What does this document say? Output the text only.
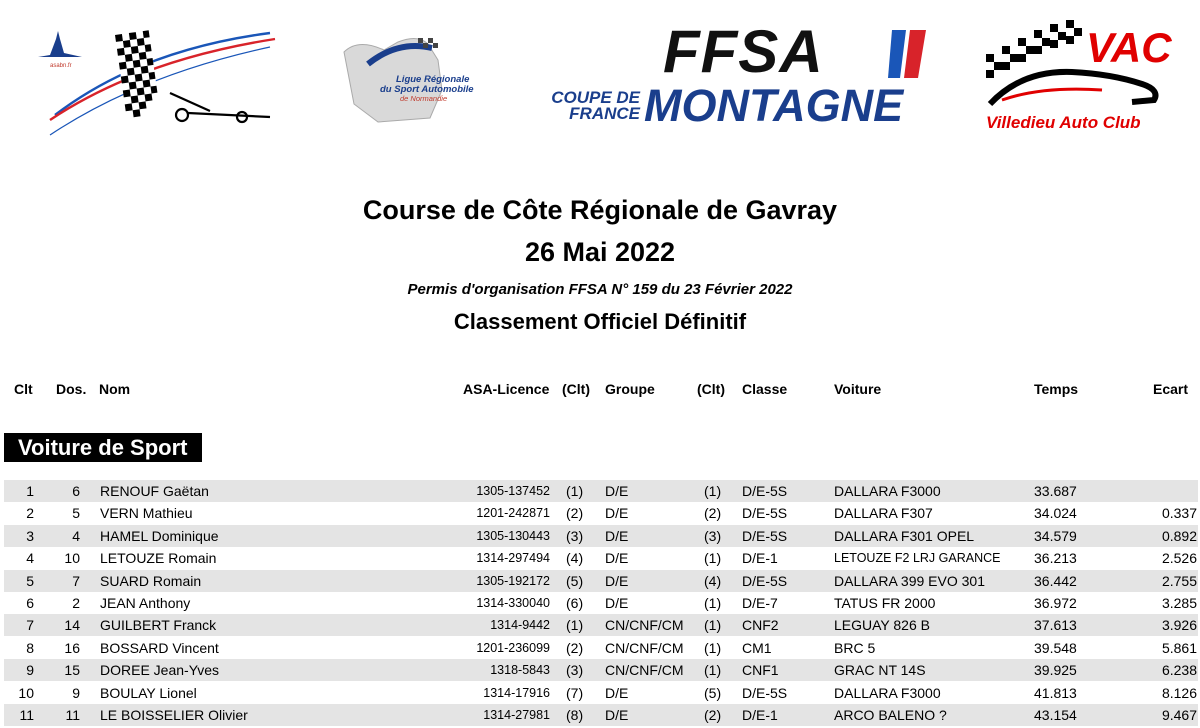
asabn.fr
Ligue Régionale
du Sport Automobile
de Normandie
FFSA
COUPE DE
FRANCE MONTAGNE
VAC
Villedieu Auto Club
Course de Côte Régionale de Gavray
26 Mai 2022
Permis d'organisation FFSA N° 159 du 23 Février 2022
Classement Officiel Définitif
Clt Dos. Nom	ASA-Licence (Clt) Groupe	(Clt) Classe	Voiture	Temps	Ecart
Voiture de Sport
1	6 RENOUF Gaëtan	1305-137452 (1) D/E	(1) D/E-5S	DALLARA F3000	33.687
2	5 VERN Mathieu	1201-242871 (2) D/E	(2) D/E-5S	DALLARA F307	34.024	0.337
3	4 HAMEL Dominique	1305-130443 (3) D/E	(3) D/E-5S	DALLARA F301 OPEL	34.579	0.892
4	10 LETOUZE Romain	1314-297494 (4) D/E	(1) D/E-1	LETOUZE F2 LRJ GARANCE 36.213	2.526
5	7 SUARD Romain	1305-192172 (5) D/E	(4) D/E-5S	DALLARA 399 EVO 301	36.442	2.755
6	2 JEAN Anthony	1314-330040 (6) D/E	(1) D/E-7	TATUS FR 2000	36.972	3.285
7	14 GUILBERT Franck	1314-9442 (1) CN/CNF/CM (1) CNF2	LEGUAY 826 B	37.613	3.926
8	16 BOSSARD Vincent	1201-236099 (2) CN/CNF/CM (1) CM1	BRC 5	39.548	5.861
9	15 DOREE Jean-Yves	1318-5843 (3) CN/CNF/CM (1) CNF1	GRAC NT 14S	39.925	6.238
10	9 BOULAY Lionel	1314-17916 (7) D/E	(5) D/E-5S	DALLARA F3000	41.813	8.126
11	11 LE BOISSELIER Olivier	1314-27981 (8) D/E	(2) D/E-1	ARCO BALENO ?	43.154	9.467
